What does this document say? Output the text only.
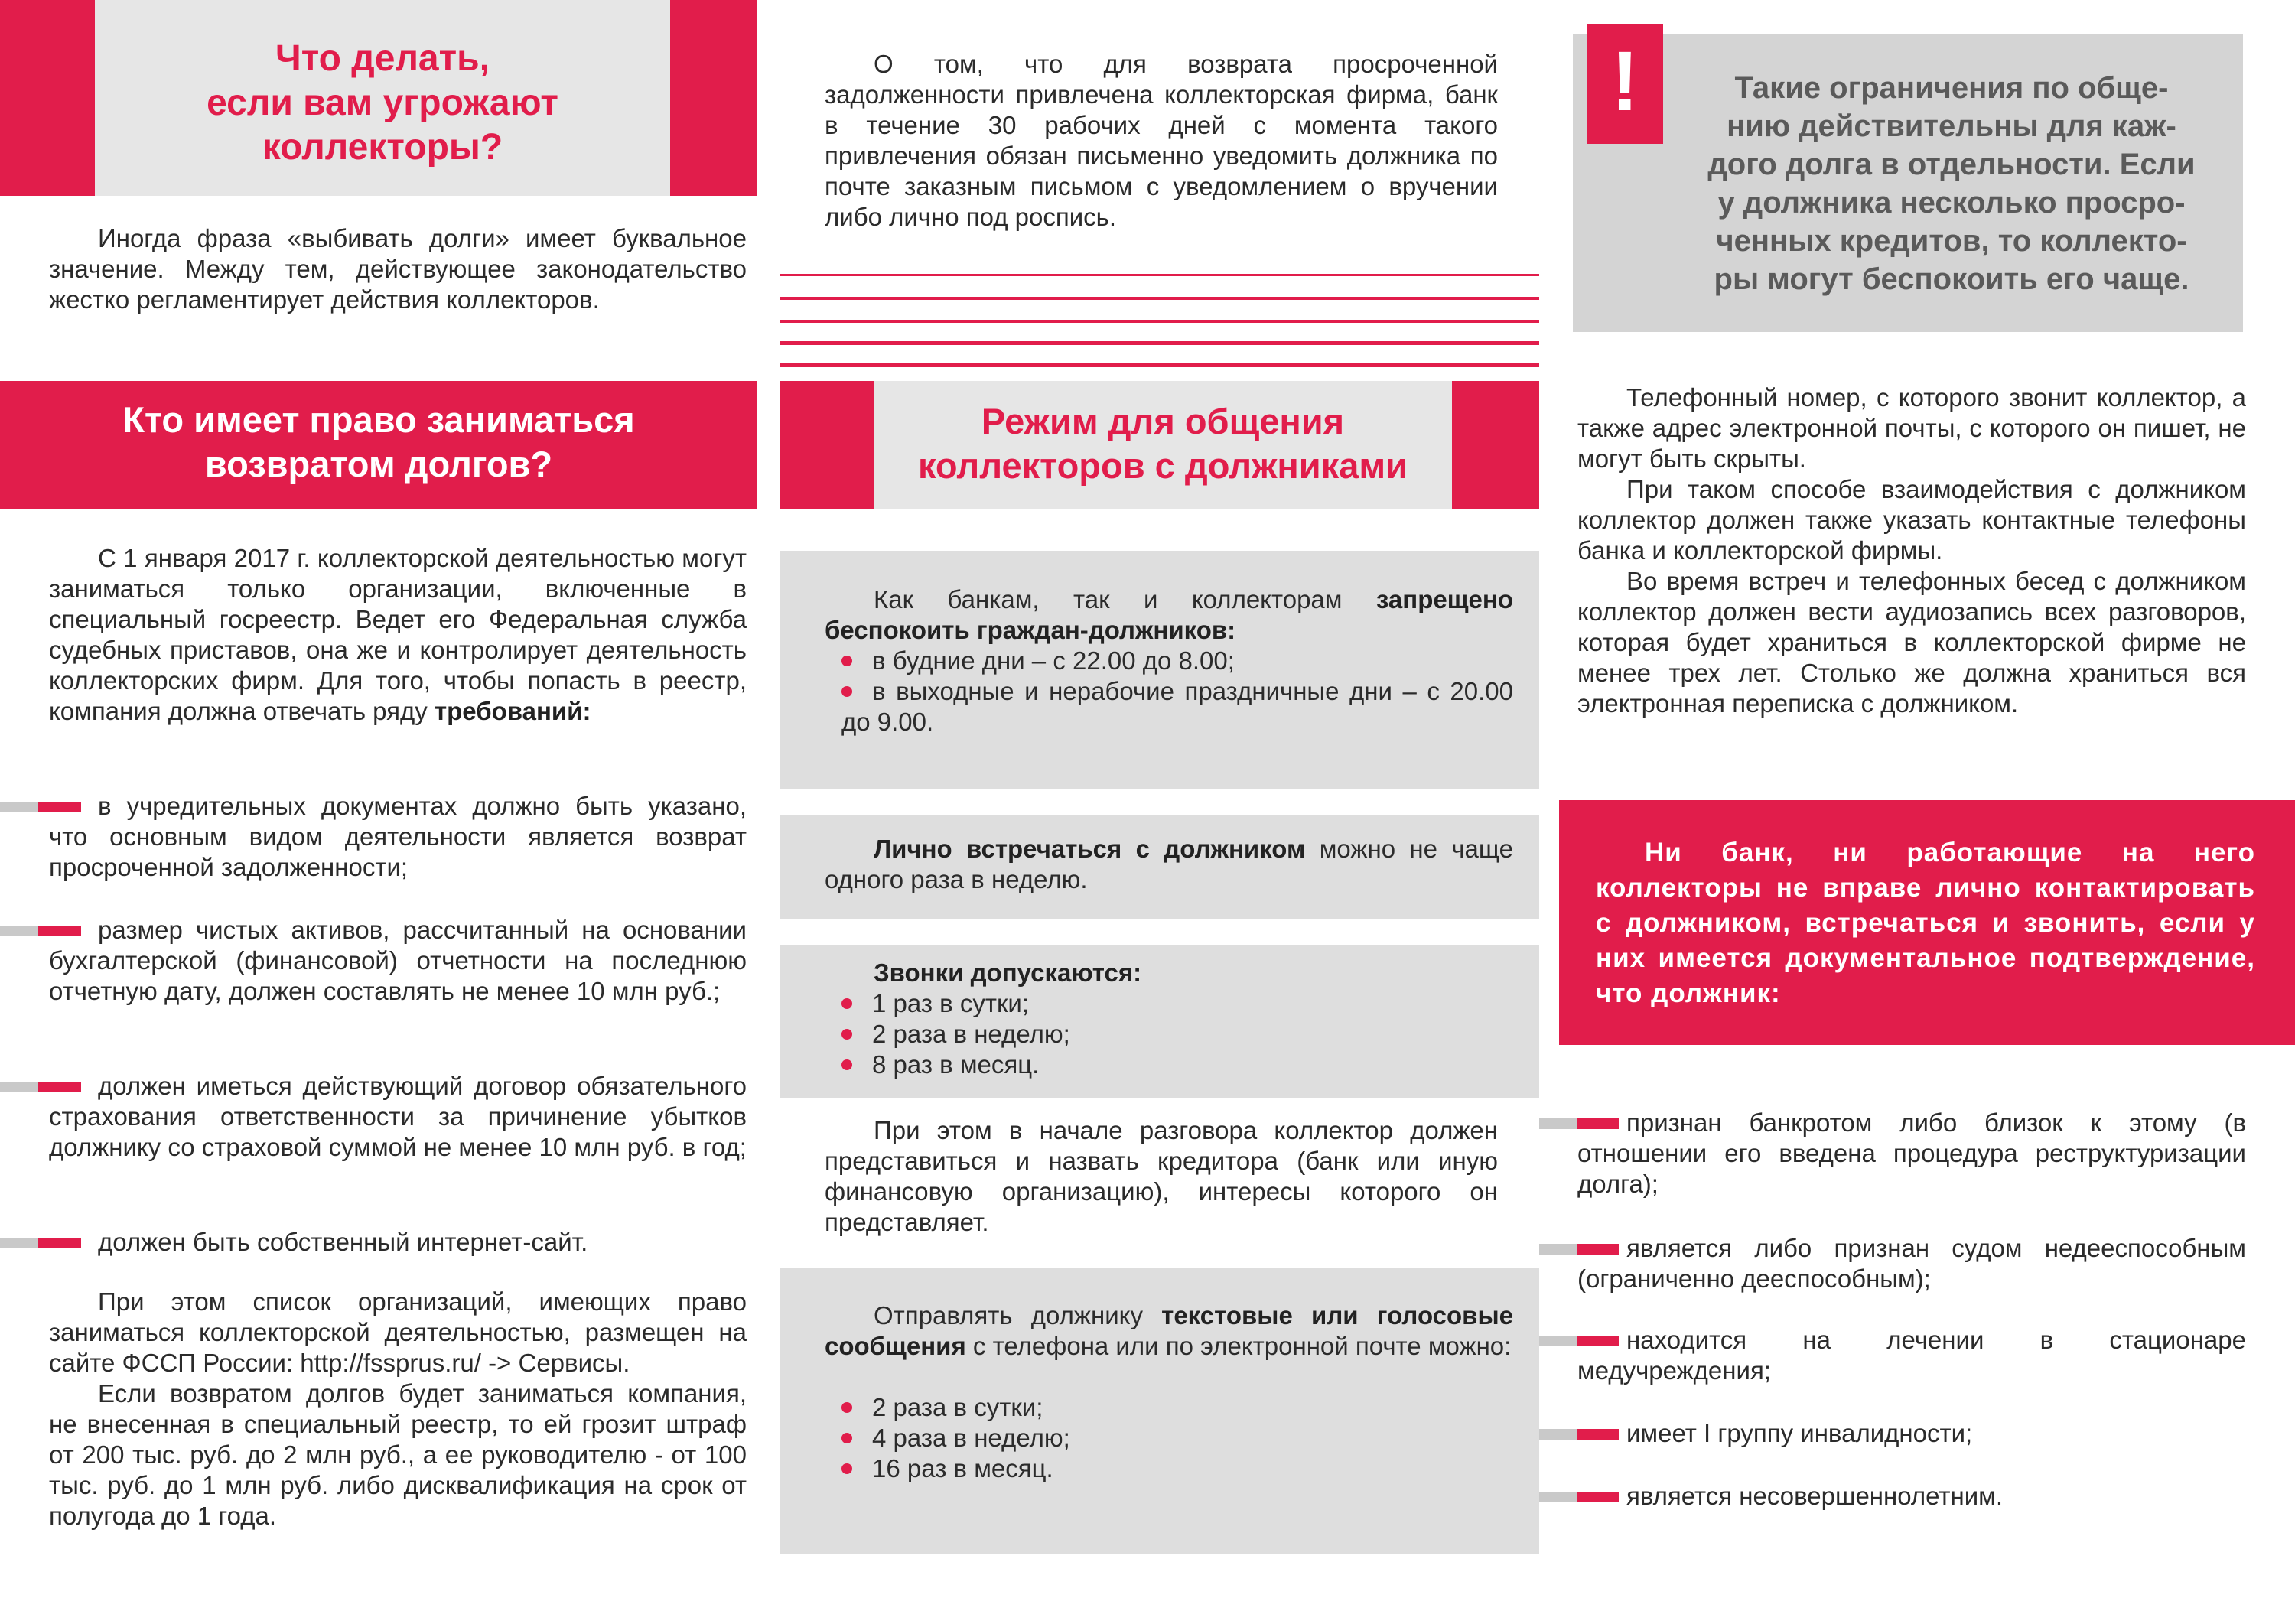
Что делать,
если вам угрожают
коллекторы?

Иногда фраза «выбивать долги» имеет буквальное значение. Между тем, действующее законодательство жестко регламентирует действия коллекторов.

Кто имеет право заниматься
возвратом долгов?

С 1 января 2017 г. коллекторской деятельностью могут заниматься только организации, включенные в специальный госреестр. Ведет его Федеральная служба судебных приставов, она же и контролирует деятельность коллекторских фирм. Для того, чтобы попасть в реестр, компания должна отвечать ряду требований:

в учредительных документах должно быть указано, что основным видом деятельности является возврат просроченной задолженности;

размер чистых активов, рассчитанный на основании бухгалтерской (финансовой) отчетности на последнюю отчетную дату, должен составлять не менее 10 млн руб.;

должен иметься действующий договор обязательного страхования ответственности за причинение убытков должнику со страховой суммой не менее 10 млн руб. в год;

должен быть собственный интернет-сайт.

При этом список организаций, имеющих право заниматься коллекторской деятельностью, размещен на сайте ФССП России: http://fssprus.ru/ -> Сервисы.

Если возвратом долгов будет заниматься компания, не внесенная в специальный реестр, то ей грозит штраф от 200 тыс. руб. до 2 млн руб., а ее руководителю - от 100 тыс. руб. до 1 млн руб. либо дисквалификация на срок от полугода до 1 года.

О том, что для возврата просроченной задолженности привлечена коллекторская фирма, банк в течение 30 рабочих дней с момента такого привлечения обязан письменно уведомить должника по почте заказным письмом с уведомлением о вручении либо лично под роспись.

Режим для общения
коллекторов с должниками

Как банкам, так и коллекторам запрещено беспокоить граждан-должников:

в будние дни – с 22.00 до 8.00;
в выходные и нерабочие праздничные дни – с 20.00 до 9.00.

Лично встречаться с должником можно не чаще одного раза в неделю.

Звонки допускаются:

1 раз в сутки;
2 раза в неделю;
8 раз в месяц.

При этом в начале разговора коллектор должен представиться и назвать кредитора (банк или иную финансовую организацию), интересы которого он представляет.

Отправлять должнику текстовые или голосовые сообщения с телефона или по электронной почте можно:

2 раза в сутки;
4 раза в неделю;
16 раз в месяц.
!	Такие ограничения по обще-
нию действительны для каж-
дого долга в отдельности. Если
у должника несколько просро-
ченных кредитов, то коллекто-
ры могут беспокоить его чаще.

Телефонный номер, с которого звонит коллектор, а также адрес электронной почты, с которого он пишет, не могут быть скрыты.

При таком способе взаимодействия с должником коллектор должен также указать контактные телефоны банка и коллекторской фирмы.

Во время встреч и телефонных бесед с должником коллектор должен вести аудиозапись всех разговоров, которая будет храниться в коллекторской фирме не менее трех лет. Столько же должна храниться вся электронная переписка с должником.

Ни банк, ни работающие на него коллекторы не вправе лично контактировать с должником, встречаться и звонить, если у них имеется документальное подтверждение, что должник:

признан банкротом либо близок к этому (в отношении его введена процедура реструктуризации долга);

является либо признан судом недееспособным (ограниченно дееспособным);

находится на лечении в стационаре медучреждения;

имеет I группу инвалидности;

является несовершеннолетним.
